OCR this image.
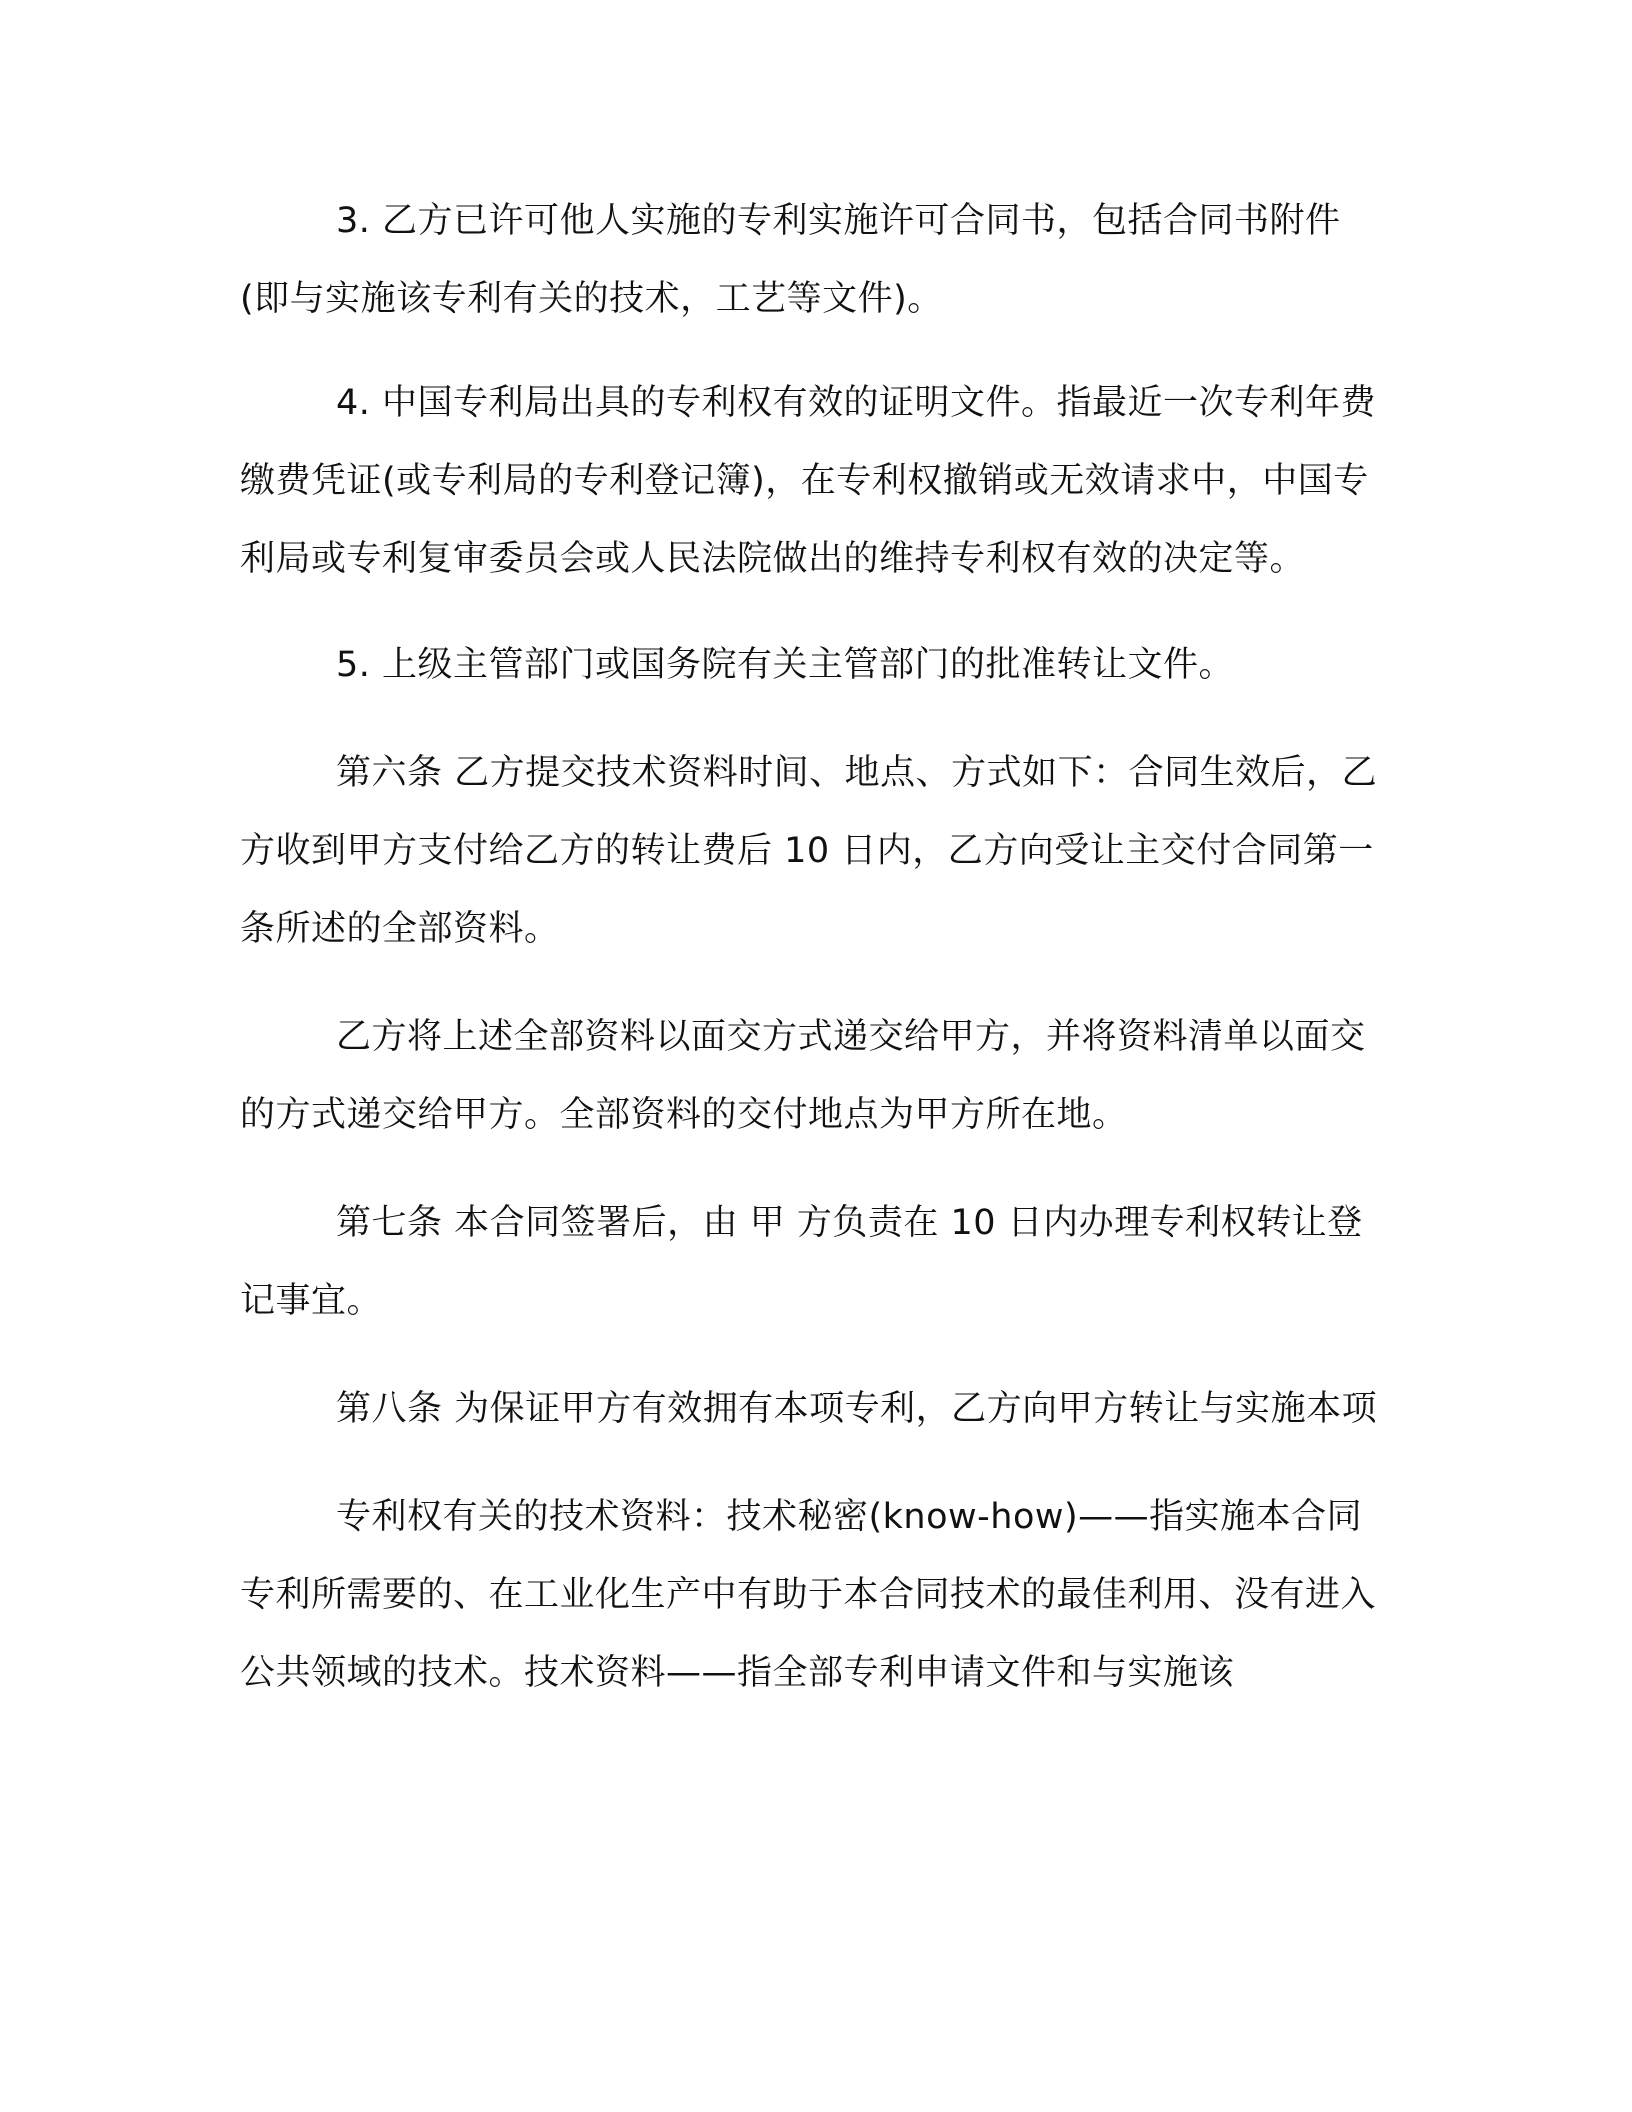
3. 乙方已许可他人实施的专利实施许可合同书，包括合同书附件(即与实施该专利有关的技术，工艺等文件)。

4. 中国专利局出具的专利权有效的证明文件。指最近一次专利年费缴费凭证(或专利局的专利登记簿)，在专利权撤销或无效请求中，中国专利局或专利复审委员会或人民法院做出的维持专利权有效的决定等。

5. 上级主管部门或国务院有关主管部门的批准转让文件。

第六条 乙方提交技术资料时间、地点、方式如下：合同生效后，乙方收到甲方支付给乙方的转让费后 10 日内，乙方向受让主交付合同第一条所述的全部资料。

乙方将上述全部资料以面交方式递交给甲方，并将资料清单以面交的方式递交给甲方。全部资料的交付地点为甲方所在地。

第七条 本合同签署后，由 甲 方负责在 10 日内办理专利权转让登记事宜。

第八条 为保证甲方有效拥有本项专利，乙方向甲方转让与实施本项

专利权有关的技术资料：技术秘密(know-how)——指实施本合同专利所需要的、在工业化生产中有助于本合同技术的最佳利用、没有进入公共领域的技术。技术资料——指全部专利申请文件和与实施该
